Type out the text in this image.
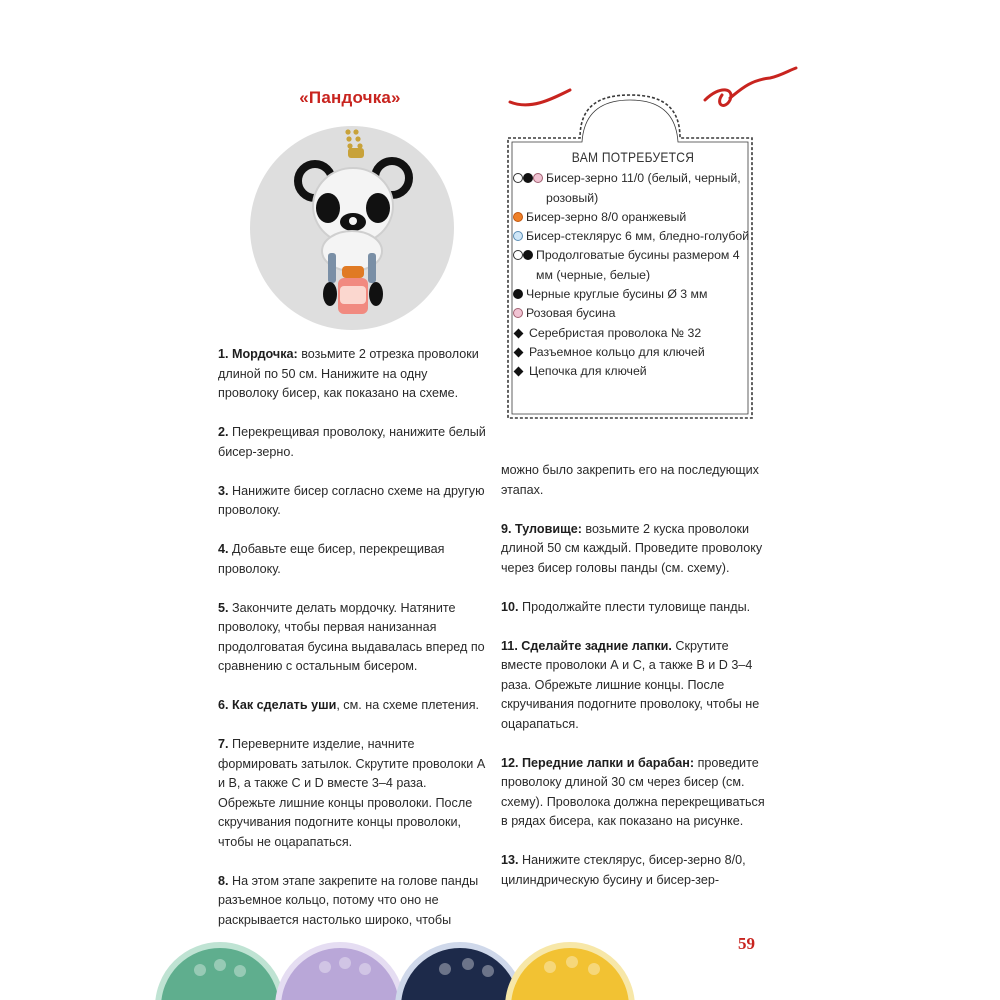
«Пандочка»

1. Мордочка: возьмите 2 отрезка проволоки длиной по 50 см. Нанижите на одну проволоку бисер, как показано на схеме.

2. Перекрещивая проволоку, нанижите белый бисер-зерно.

3. Нанижите бисер согласно схеме на другую проволоку.

4. Добавьте еще бисер, перекрещивая проволоку.

5. Закончите делать мордочку. Натяните проволоку, чтобы первая нанизанная продолговатая бусина выдавалась вперед по сравнению с остальным бисером.

6. Как сделать уши, см. на схеме плетения.

7. Переверните изделие, начните формировать затылок. Скрутите проволоки А и В, а также С и D вместе 3–4 раза. Обрежьте лишние концы проволоки. После скручивания подогните концы проволоки, чтобы не оцарапаться.

8. На этом этапе закрепите на голове панды разъемное кольцо, потому что оно не раскрывается настолько широко, чтобы

ВАМ ПОТРЕБУЕТСЯ
Бисер-зерно 11/0 (белый, черный, розовый)
Бисер-зерно 8/0 оранжевый
Бисер-стеклярус 6 мм, бледно-голубой
Продолговатые бусины размером 4 мм (черные, белые)
Черные круглые бусины Ø 3 мм
Розовая бусина
Серебристая проволока № 32
Разъемное кольцо для ключей
Цепочка для ключей

можно было закрепить его на последующих этапах.

9. Туловище: возьмите 2 куска проволоки длиной 50 см каждый. Проведите проволоку через бисер головы панды (см. схему).

10. Продолжайте плести туловище панды.

11. Сделайте задние лапки. Скрутите вместе проволоки А и С, а также В и D 3–4 раза. Обрежьте лишние концы. После скручивания подогните проволоку, чтобы не оцарапаться.

12. Передние лапки и барабан: проведите проволоку длиной 30 см через бисер (см. схему). Проволока должна перекрещиваться в рядах бисера, как показано на рисунке.

13. Нанижите стеклярус, бисер-зерно 8/0, цилиндрическую бусину и бисер-зер-

59
